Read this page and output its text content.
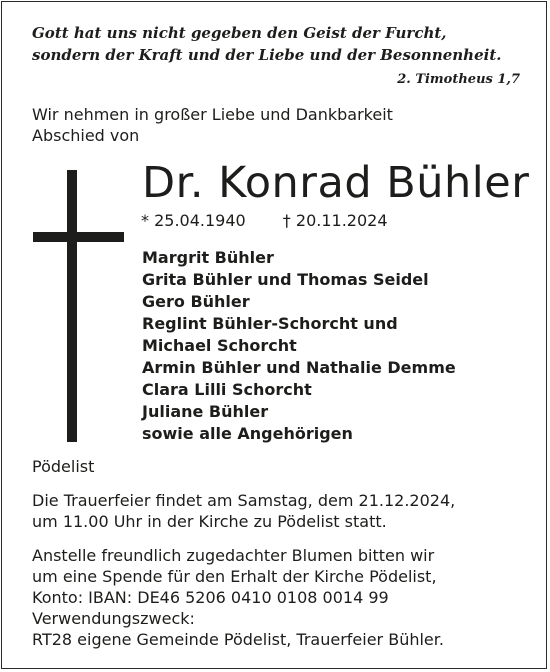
Gott hat uns nicht gegeben den Geist der Furcht,
sondern der Kraft und der Liebe und der Besonnenheit.
2. Timotheus 1,7
Wir nehmen in großer Liebe und Dankbarkeit
Abschied von
Dr. Konrad Bühler
* 25.04.1940 † 20.11.2024
Margrit Bühler
Grita Bühler und Thomas Seidel
Gero Bühler
Reglint Bühler-Schorcht und
Michael Schorcht
Armin Bühler und Nathalie Demme
Clara Lilli Schorcht
Juliane Bühler
sowie alle Angehörigen
Pödelist
Die Trauerfeier findet am Samstag, dem 21.12.2024,
um 11.00 Uhr in der Kirche zu Pödelist statt.
Anstelle freundlich zugedachter Blumen bitten wir
um eine Spende für den Erhalt der Kirche Pödelist,
Konto: IBAN: DE46 5206 0410 0108 0014 99
Verwendungszweck:
RT28 eigene Gemeinde Pödelist, Trauerfeier Bühler.
